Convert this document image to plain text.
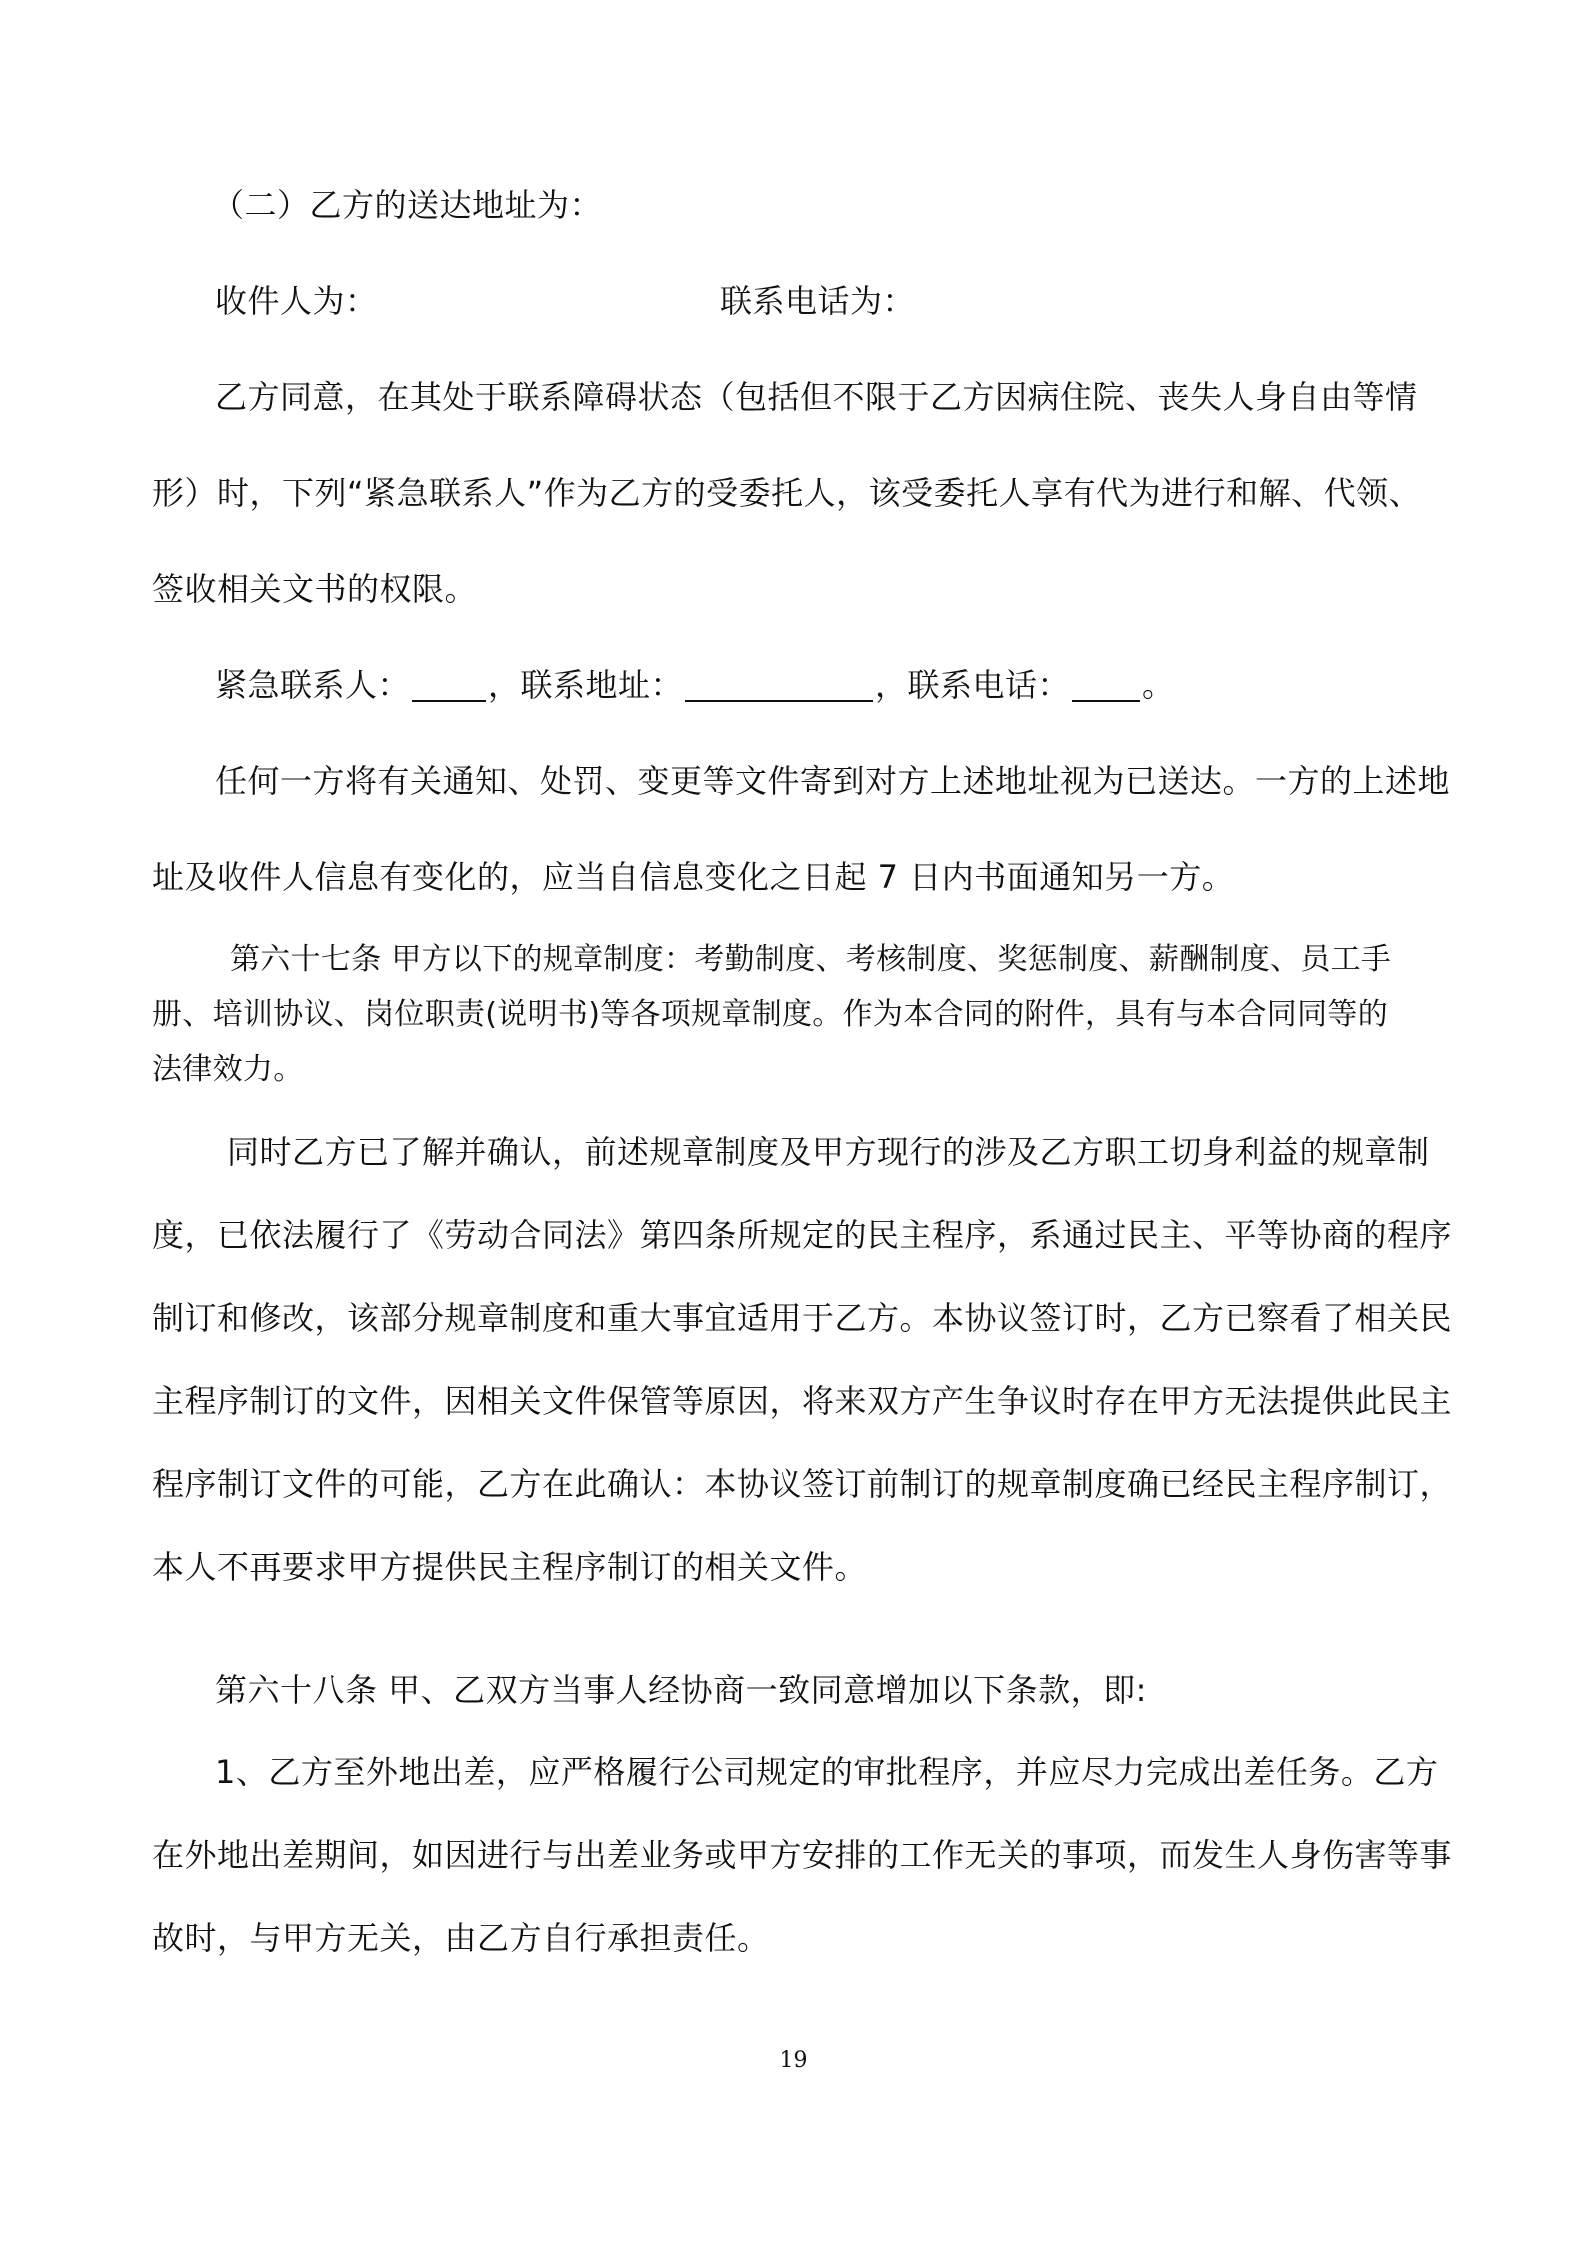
（二）乙方的送达地址为：

收件人为：	联系电话为：

乙方同意，在其处于联系障碍状态（包括但不限于乙方因病住院、丧失人身自由等情

形）时，下列“紧急联系人”作为乙方的受委托人，该受委托人享有代为进行和解、代领、

签收相关文书的权限。

紧急联系人： ，联系地址：	，联系电话： 。

任何一方将有关通知、处罚、变更等文件寄到对方上述地址视为已送达。一方的上述地

址及收件人信息有变化的，应当自信息变化之日起 7 日内书面通知另一方。

第六十七条 甲方以下的规章制度：考勤制度、考核制度、奖惩制度、薪酬制度、员工手

册、培训协议、岗位职责(说明书)等各项规章制度。作为本合同的附件，具有与本合同同等的

法律效力。

同时乙方已了解并确认，前述规章制度及甲方现行的涉及乙方职工切身利益的规章制

度，已依法履行了《劳动合同法》第四条所规定的民主程序，系通过民主、平等协商的程序

制订和修改，该部分规章制度和重大事宜适用于乙方。本协议签订时，乙方已察看了相关民

主程序制订的文件，因相关文件保管等原因，将来双方产生争议时存在甲方无法提供此民主

程序制订文件的可能，乙方在此确认：本协议签订前制订的规章制度确已经民主程序制订，

本人不再要求甲方提供民主程序制订的相关文件。

第六十八条 甲、乙双方当事人经协商一致同意增加以下条款，即:

1、乙方至外地出差，应严格履行公司规定的审批程序，并应尽力完成出差任务。乙方

在外地出差期间，如因进行与出差业务或甲方安排的工作无关的事项，而发生人身伤害等事

故时，与甲方无关，由乙方自行承担责任。

19
